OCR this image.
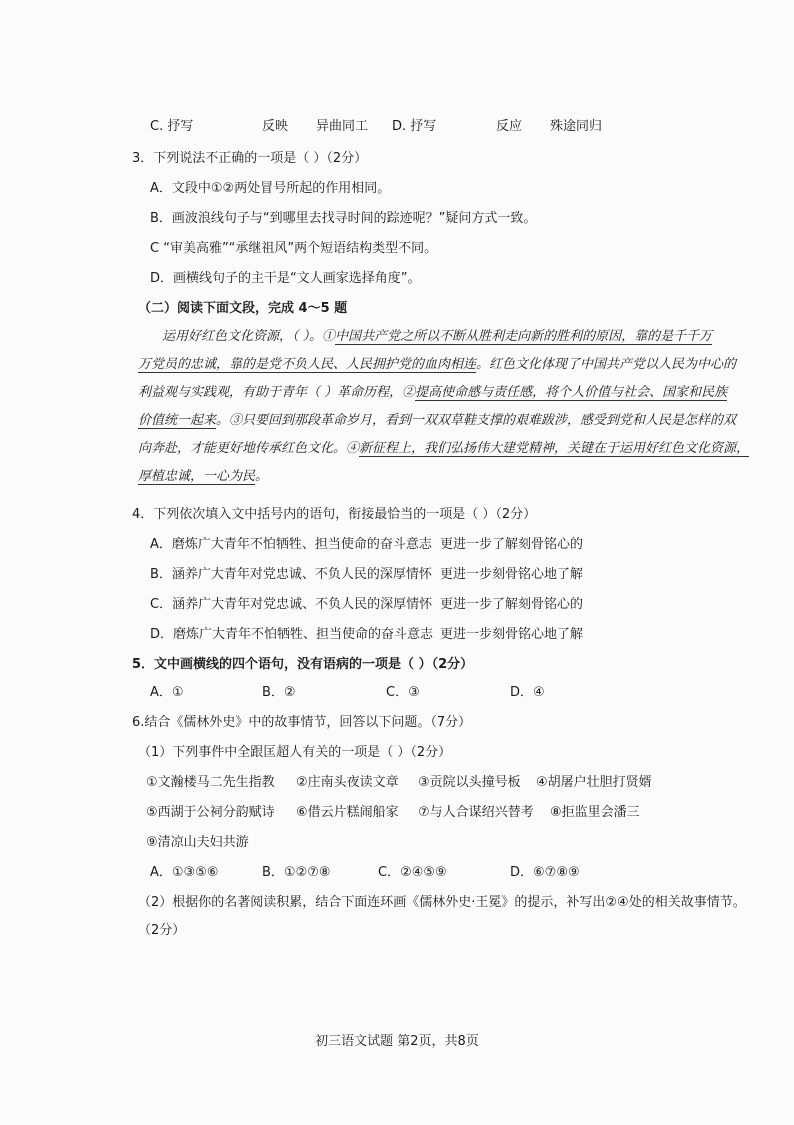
C. 抒写	反映 异曲同工 D. 抒写	反应 殊途同归
3．下列说法不正确的一项是（ ）（2分）
A．文段中①②两处冒号所起的作用相同。
B．画波浪线句子与“到哪里去找寻时间的踪迹呢？”疑问方式一致。
C “审美高雅”“承继祖风”两个短语结构类型不同。
D．画横线句子的主干是“文人画家选择角度”。
（二）阅读下面文段，完成 4～5 题
运用好红色文化资源，（ ）。①中国共产党之所以不断从胜利走向新的胜利的原因，靠的是千千万
万党员的忠诚，靠的是党不负人民、人民拥护党的血肉相连。红色文化体现了中国共产党以人民为中心的
利益观与实践观，有助于青年（ ）革命历程，②提高使命感与责任感，将个人价值与社会、国家和民族
价值统一起来。③只要回到那段革命岁月，看到一双双草鞋支撑的艰难跋涉，感受到党和人民是怎样的双
向奔赴，才能更好地传承红色文化。④新征程上，我们弘扬伟大建党精神，关键在于运用好红色文化资源，
厚植忠诚，一心为民。
4．下列依次填入文中括号内的语句，衔接最恰当的一项是（ ）（2分）
A．磨炼广大青年不怕牺牲、担当使命的奋斗意志 更进一步了解刻骨铭心的
B．涵养广大青年对党忠诚、不负人民的深厚情怀 更进一步刻骨铭心地了解
C．涵养广大青年对党忠诚、不负人民的深厚情怀 更进一步了解刻骨铭心的
D．磨炼广大青年不怕牺牲、担当使命的奋斗意志 更进一步刻骨铭心地了解
5．文中画横线的四个语句，没有语病的一项是（ ）（2分）
A．①	B．②	C．③	D．④
6.结合《儒林外史》中的故事情节，回答以下问题。（7分）
（1）下列事件中全跟匡超人有关的一项是（ ）（2分）
①文瀚楼马二先生指教 ②庄南头夜读文章 ③贡院以头撞号板 ④胡屠户壮胆打贤婿
⑤西湖于公祠分韵赋诗 ⑥借云片糕闹船家 ⑦与人合谋绍兴替考 ⑧拒监里会潘三
⑨清凉山夫妇共游
A．①③⑤⑥	B．①②⑦⑧	C．②④⑤⑨	D．⑥⑦⑧⑨
（2）根据你的名著阅读积累，结合下面连环画《儒林外史·王冕》的提示，补写出②④处的相关故事情节。
（2分）
初三语文试题 第2页，共8页
